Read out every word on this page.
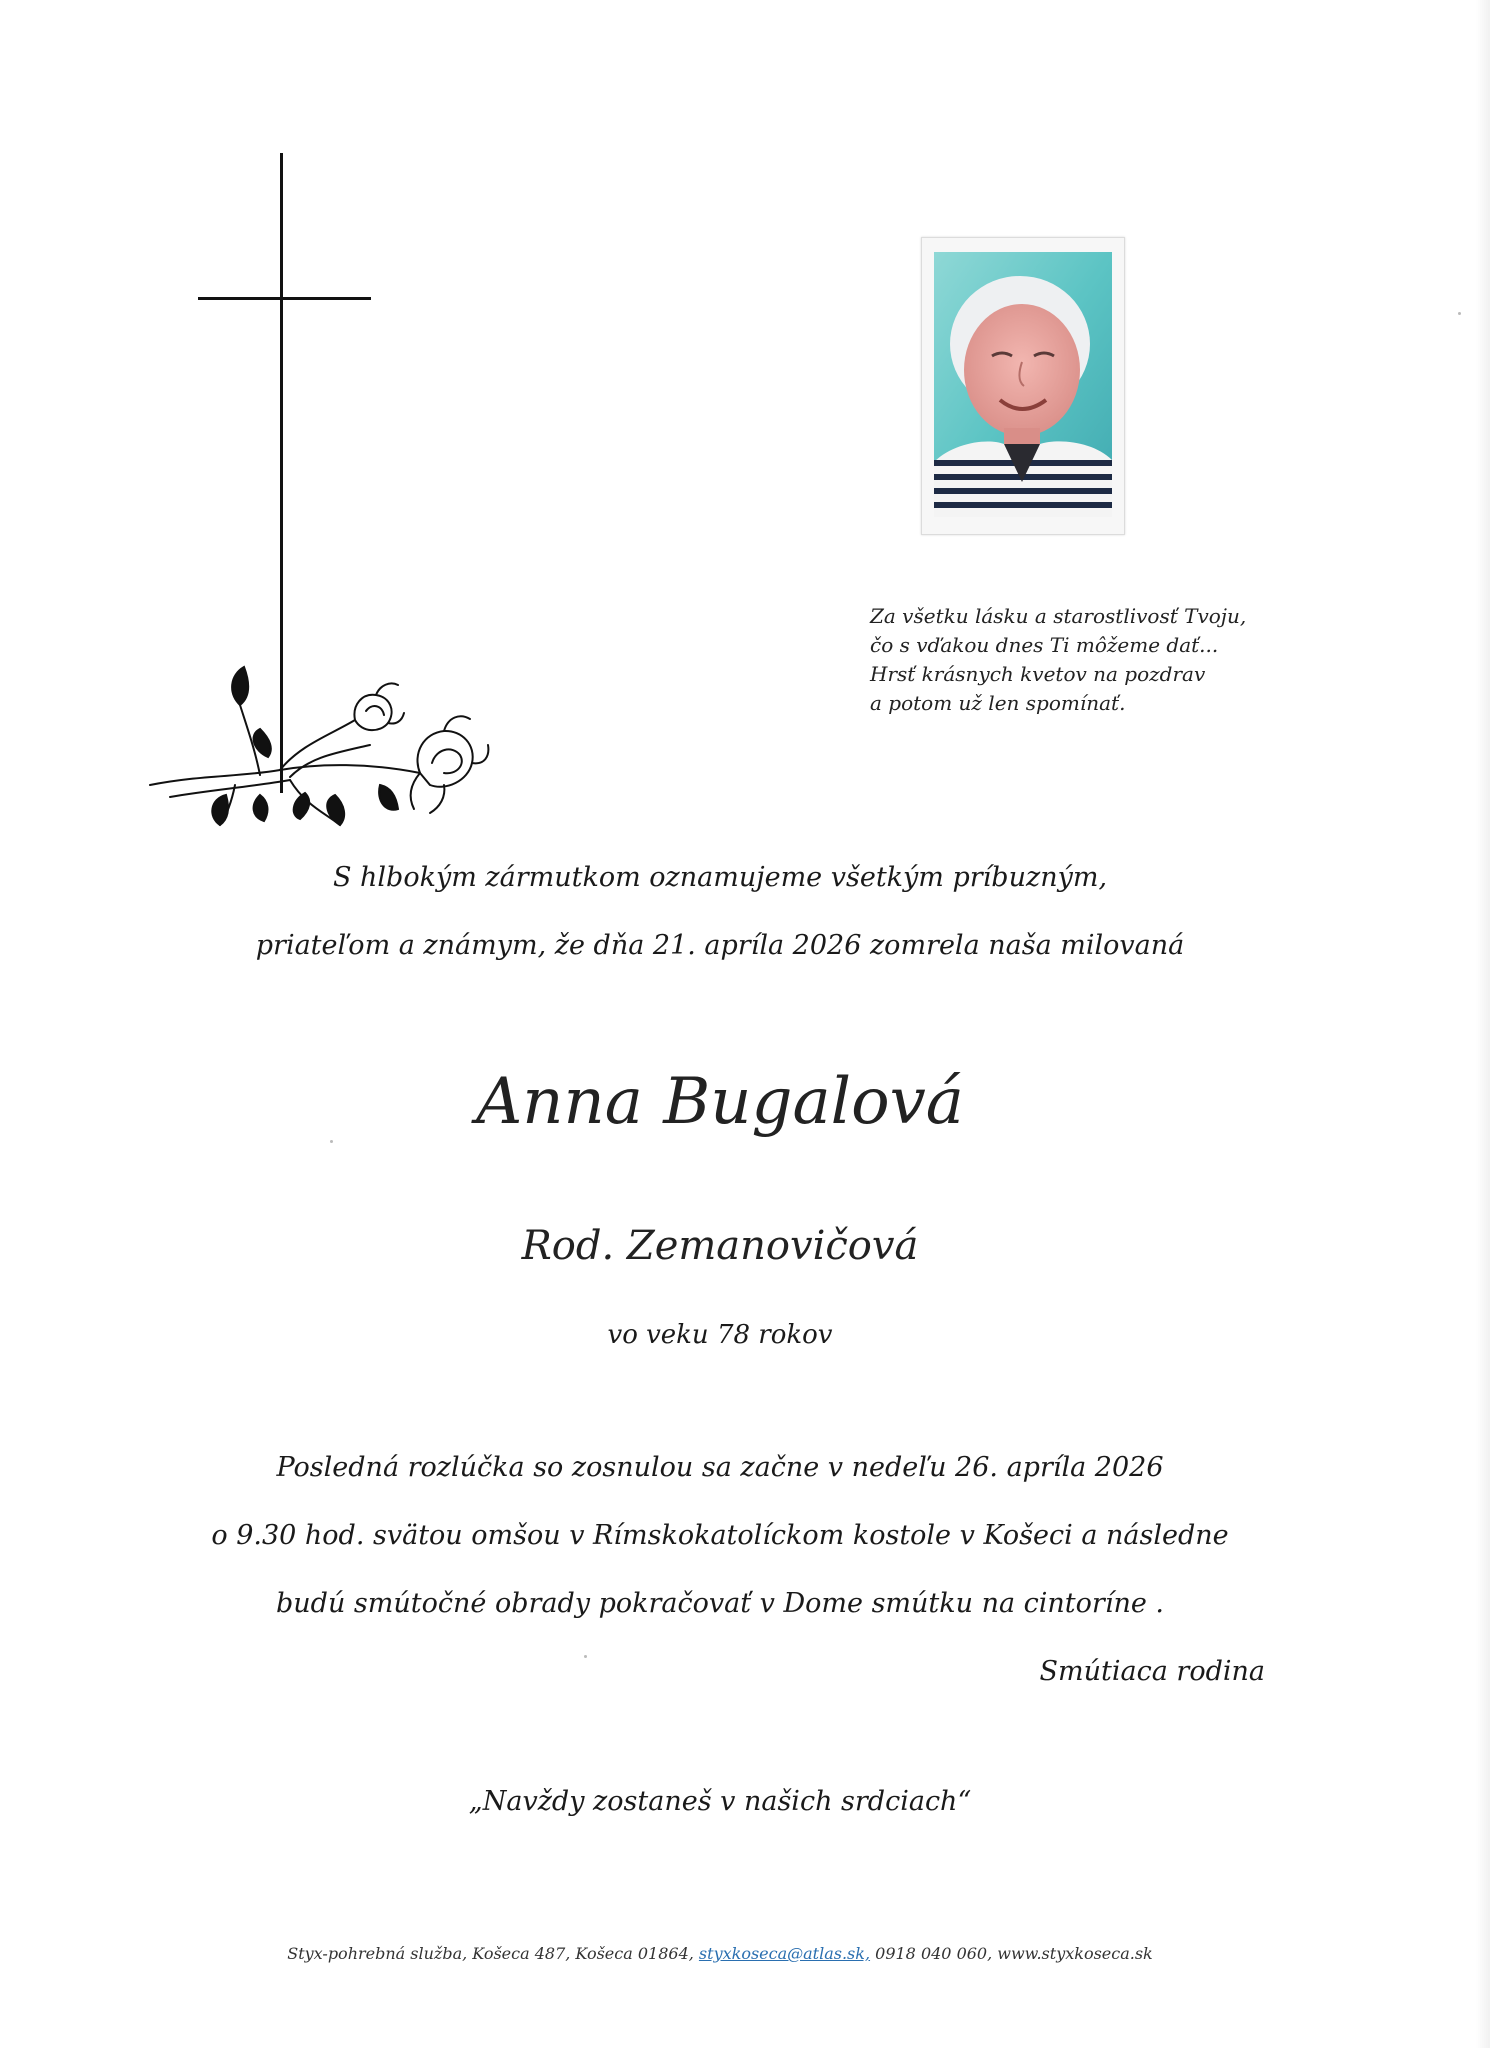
Za všetku lásku a starostlivosť Tvoju,
čo s vďakou dnes Ti môžeme dať...
Hrsť krásnych kvetov na pozdrav
a potom už len spomínať.
S hlbokým zármutkom oznamujeme všetkým príbuzným,
priateľom a známym, že dňa 21. apríla 2026 zomrela naša milovaná
Anna Bugalová
Rod. Zemanovičová
vo veku 78 rokov
Posledná rozlúčka so zosnulou sa začne v nedeľu 26. apríla 2026
o 9.30 hod. svätou omšou v Rímskokatolíckom kostole v Košeci a následne
budú smútočné obrady pokračovať v Dome smútku na cintoríne .
Smútiaca rodina
„Navždy zostaneš v našich srdciach“
Styx-pohrebná služba, Košeca 487, Košeca 01864, styxkoseca@atlas.sk, 0918 040 060, www.styxkoseca.sk
